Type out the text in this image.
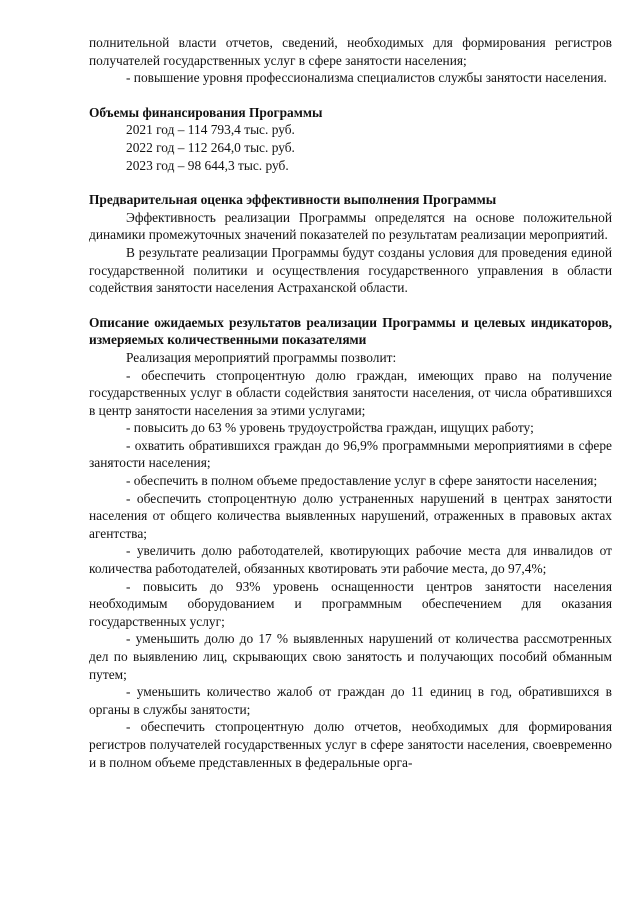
полнительной власти отчетов, сведений, необходимых для формирования регистров получателей государственных услуг в сфере занятости населения;

- повышение уровня профессионализма специалистов службы занятости населения.

Объемы финансирования Программы

2021 год – 114 793,4 тыс. руб.

2022 год – 112 264,0 тыс. руб.

2023 год – 98 644,3 тыс. руб.

Предварительная оценка эффективности выполнения Программы

Эффективность реализации Программы определятся на основе положительной динамики промежуточных значений показателей по результатам реализации мероприятий.

В результате реализации Программы будут созданы условия для проведения единой государственной политики и осуществления государственного управления в области содействия занятости населения Астраханской области.

Описание ожидаемых результатов реализации Программы и целевых индикаторов, измеряемых количественными показателями

Реализация мероприятий программы позволит:

- обеспечить стопроцентную долю граждан, имеющих право на получение государственных услуг в области содействия занятости населения, от числа обратившихся в центр занятости населения за этими услугами;

- повысить до 63 % уровень трудоустройства граждан, ищущих работу;

- охватить обратившихся граждан до 96,9% программными мероприятиями в сфере занятости населения;

- обеспечить в полном объеме предоставление услуг в сфере занятости населения;

- обеспечить стопроцентную долю устраненных нарушений в центрах занятости населения от общего количества выявленных нарушений, отраженных в правовых актах агентства;

- увеличить долю работодателей, квотирующих рабочие места для инвалидов от количества работодателей, обязанных квотировать эти рабочие места, до 97,4%;

- повысить до 93% уровень оснащенности центров занятости населения необходимым оборудованием и программным обеспечением для оказания государственных услуг;

- уменьшить долю до 17 % выявленных нарушений от количества рассмотренных дел по выявлению лиц, скрывающих свою занятость и получающих пособий обманным путем;

- уменьшить количество жалоб от граждан до 11 единиц в год, обратившихся в органы в службы занятости;

- обеспечить стопроцентную долю отчетов, необходимых для формирования регистров получателей государственных услуг в сфере занятости населения, своевременно и в полном объеме представленных в федеральные орга-
